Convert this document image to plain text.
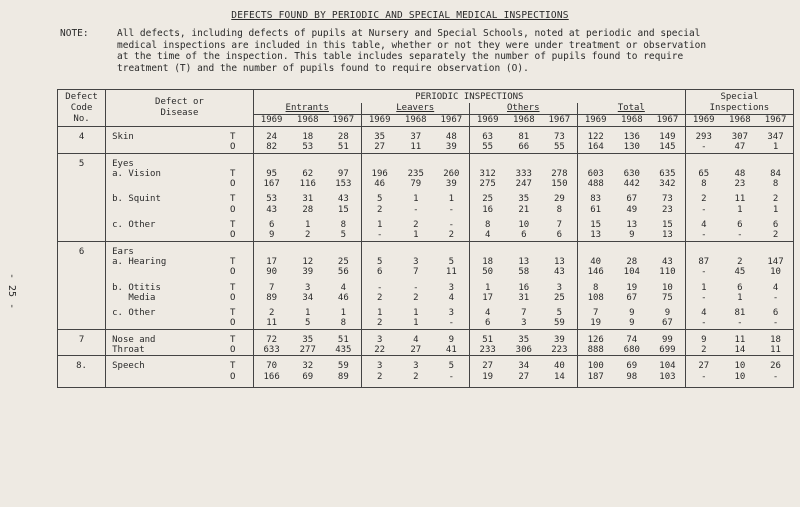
DEFECTS FOUND BY PERIODIC AND SPECIAL MEDICAL INSPECTIONS
NOTE:	All defects, including defects of pupils at Nursery and Special Schools, noted at periodic and special
medical inspections are included in this table, whether or not they were under treatment or observation
at the time of the inspection. This table includes separately the number of pupils found to require
treatment (T) and the number of pupils found to require observation (O).
- 25 -
Defect
Code
No.	Defect or
Disease		PERIODIC INSPECTIONS												Special
Inspections		
			Entrants			Leavers			Others			Total					
			1969	1968	1967	1969	1968	1967	1969	1968	1967	1969	1968	1967	1969	1968	1967

4	Skin	T	24	18	28	35	37	48	63	81	73	122	136	149	293	307	347
		O	82	53	51	27	11	39	55	66	55	164	130	145	-	47	1

5	Eyes																
	a. Vision	T	95	62	97	196	235	260	312	333	278	603	630	635	65	48	84
		O	167	116	153	46	79	39	275	247	150	488	442	342	8	23	8

	b. Squint	T	53	31	43	5	1	1	25	35	29	83	67	73	2	11	2
		O	43	28	15	2	-	-	16	21	8	61	49	23	-	1	1

	c. Other	T	6	1	8	1	2	-	8	10	7	15	13	15	4	6	6
		O	9	2	5	-	1	2	4	6	6	13	9	13	-	-	2

6	Ears																
	a. Hearing	T	17	12	25	5	3	5	18	13	13	40	28	43	87	2	147
		O	90	39	56	6	7	11	50	58	43	146	104	110	-	45	10

	b. Otitis	T	7	3	4	-	-	3	1	16	3	8	19	10	1	6	4
	Media	O	89	34	46	2	2	4	17	31	25	108	67	75	-	1	-

	c. Other	T	2	1	1	1	1	3	4	7	5	7	9	9	4	81	6
		O	11	5	8	2	1	-	6	3	59	19	9	67	-	-	-

7	Nose and	T	72	35	51	3	4	9	51	35	39	126	74	99	9	11	18
	Throat	O	633	277	435	22	27	41	233	306	223	888	680	699	2	14	11

8.	Speech	T	70	32	59	3	3	5	27	34	40	100	69	104	27	10	26
		O	166	69	89	2	2	-	19	27	14	187	98	103	-	10	-
